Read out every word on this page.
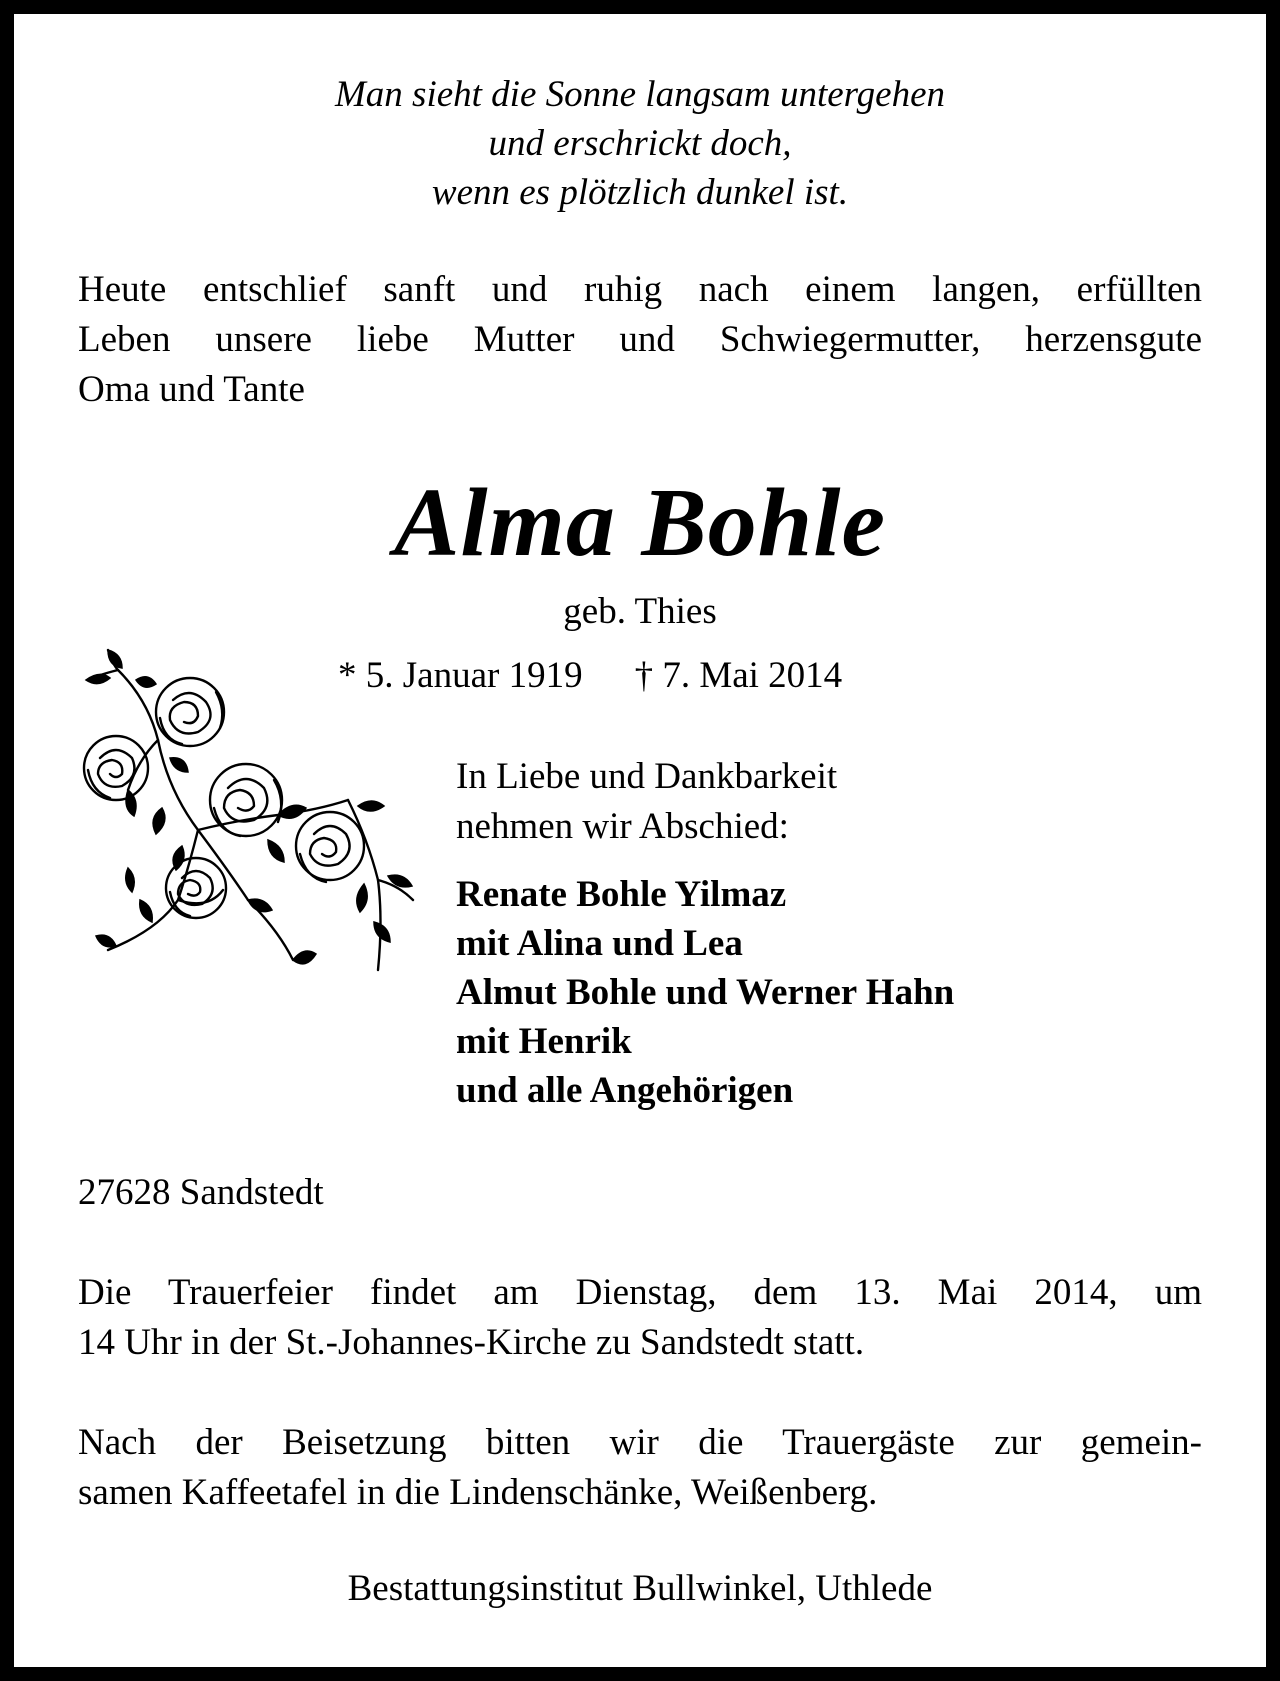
Man sieht die Sonne langsam untergehen
und erschrickt doch,
wenn es plötzlich dunkel ist.
Heute entschlief sanft und ruhig nach einem langen, erfüllten
Leben unsere liebe Mutter und Schwiegermutter, herzensgute
Oma und Tante
Alma Bohle
geb. Thies
* 5. Januar 1919 † 7. Mai 2014
In Liebe und Dankbarkeit
nehmen wir Abschied:
Renate Bohle Yilmaz
mit Alina und Lea
Almut Bohle und Werner Hahn
mit Henrik
und alle Angehörigen
27628 Sandstedt
Die Trauerfeier findet am Dienstag, dem 13. Mai 2014, um
14 Uhr in der St.-Johannes-Kirche zu Sandstedt statt.
Nach der Beisetzung bitten wir die Trauergäste zur gemein-
samen Kaffeetafel in die Lindenschänke, Weißenberg.
Bestattungsinstitut Bullwinkel, Uthlede
